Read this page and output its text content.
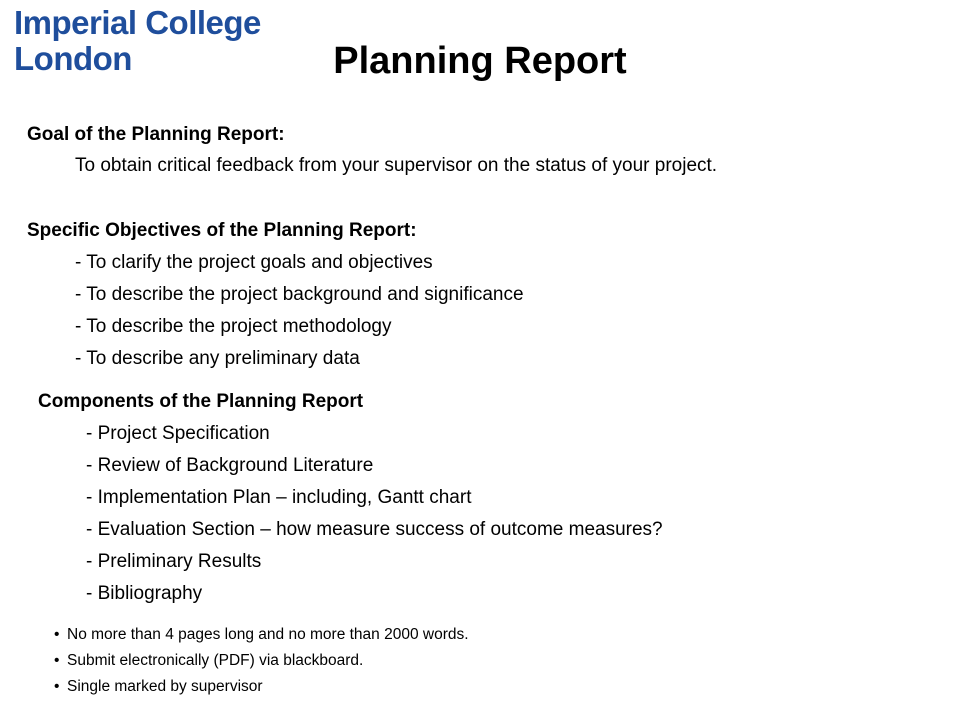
Imperial College
London	Planning Report
Goal of the Planning Report:
To obtain critical feedback from your supervisor on the status of your project.
Specific Objectives of the Planning Report:
- To clarify the project goals and objectives
- To describe the project background and significance
- To describe the project methodology
- To describe any preliminary data
Components of the Planning Report
- Project Specification
- Review of Background Literature
- Implementation Plan – including, Gantt chart
- Evaluation Section – how measure success of outcome measures?
- Preliminary Results
- Bibliography
• No more than 4 pages long and no more than 2000 words.
• Submit electronically (PDF) via blackboard.
• Single marked by supervisor
